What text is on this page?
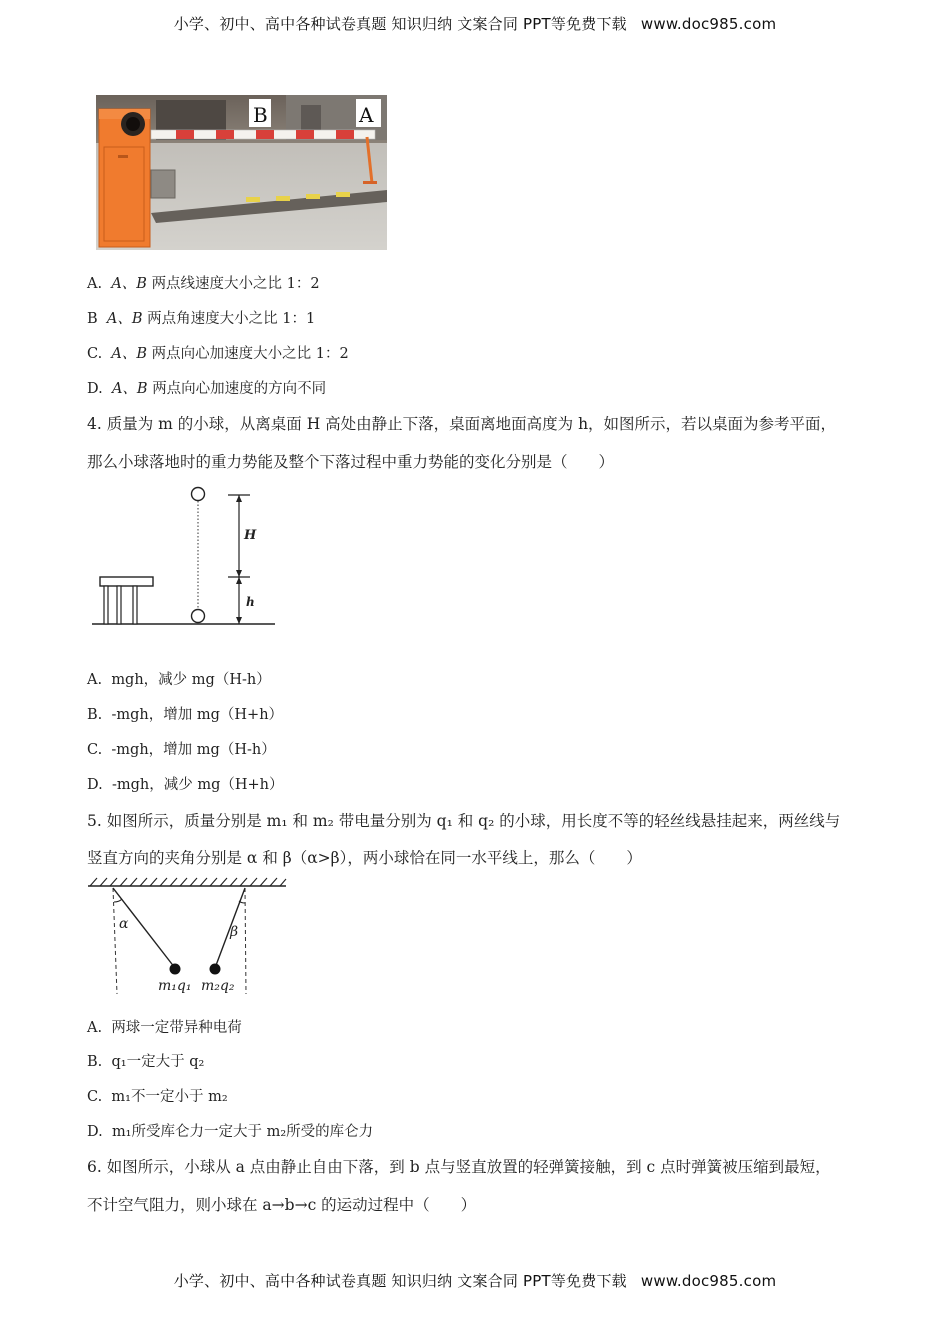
小学、初中、高中各种试卷真题 知识归纳 文案合同 PPT等免费下载 www.doc985.com
B	A
A. A、B 两点线速度大小之比 1：2
B A、B 两点角速度大小之比 1：1
C. A、B 两点向心加速度大小之比 1：2
D. A、B 两点向心加速度的方向不同
4. 质量为 m 的小球，从离桌面 H 高处由静止下落，桌面离地面高度为 h，如图所示，若以桌面为参考平面，
那么小球落地时的重力势能及整个下落过程中重力势能的变化分别是（　　）
H
h
A. mgh，减少 mg（H-h）
B. -mgh，增加 mg（H+h）
C. -mgh，增加 mg（H-h）
D. -mgh，减少 mg（H+h）
5. 如图所示，质量分别是 m₁ 和 m₂ 带电量分别为 q₁ 和 q₂ 的小球，用长度不等的轻丝线悬挂起来，两丝线与
竖直方向的夹角分别是 α 和 β（α>β），两小球恰在同一水平线上，那么（　　）
α	β
m₁q₁ m₂q₂
A. 两球一定带异种电荷
B. q₁一定大于 q₂
C. m₁不一定小于 m₂
D. m₁所受库仑力一定大于 m₂所受的库仑力
6. 如图所示，小球从 a 点由静止自由下落，到 b 点与竖直放置的轻弹簧接触，到 c 点时弹簧被压缩到最短，
不计空气阻力，则小球在 a→b→c 的运动过程中（　　）
小学、初中、高中各种试卷真题 知识归纳 文案合同 PPT等免费下载 www.doc985.com
